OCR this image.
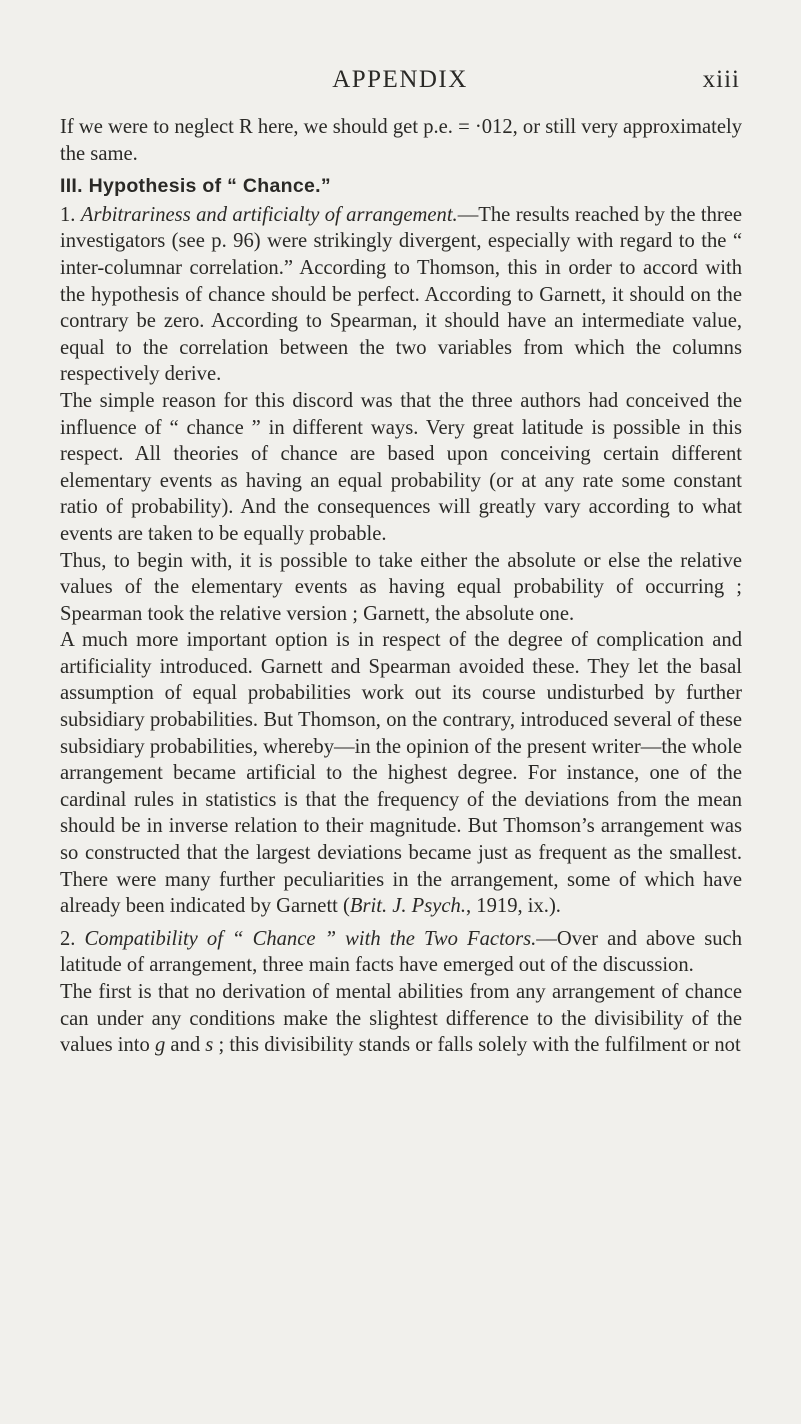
APPENDIX	xiii

If we were to neglect R here, we should get p.e. = ·012, or still very approximately the same.

III. Hypothesis of “ Chance.”

1. Arbitrariness and artificialty of arrangement.—The results reached by the three investigators (see p. 96) were strikingly divergent, especially with regard to the “ inter-columnar correlation.” According to Thomson, this in order to accord with the hypothesis of chance should be perfect. According to Garnett, it should on the contrary be zero. According to Spearman, it should have an intermediate value, equal to the correlation between the two variables from which the columns respectively derive.

The simple reason for this discord was that the three authors had conceived the influence of “ chance ” in different ways. Very great latitude is possible in this respect. All theories of chance are based upon conceiving certain different elementary events as having an equal probability (or at any rate some constant ratio of probability). And the consequences will greatly vary according to what events are taken to be equally probable.

Thus, to begin with, it is possible to take either the absolute or else the relative values of the elementary events as having equal probability of occurring ; Spearman took the relative version ; Garnett, the absolute one.

A much more important option is in respect of the degree of complication and artificiality introduced. Garnett and Spearman avoided these. They let the basal assumption of equal probabilities work out its course undisturbed by further subsidiary probabilities. But Thomson, on the contrary, introduced several of these subsidiary probabilities, whereby—in the opinion of the present writer—the whole arrangement became artificial to the highest degree. For instance, one of the cardinal rules in statistics is that the frequency of the deviations from the mean should be in inverse relation to their magnitude. But Thomson’s arrangement was so constructed that the largest deviations became just as frequent as the smallest. There were many further peculiarities in the arrangement, some of which have already been indicated by Garnett (Brit. J. Psych., 1919, ix.).

2. Compatibility of “ Chance ” with the Two Factors.—Over and above such latitude of arrangement, three main facts have emerged out of the discussion.

The first is that no derivation of mental abilities from any arrangement of chance can under any conditions make the slightest difference to the divisibility of the values into g and s ; this divisibility stands or falls solely with the fulfilment or not
